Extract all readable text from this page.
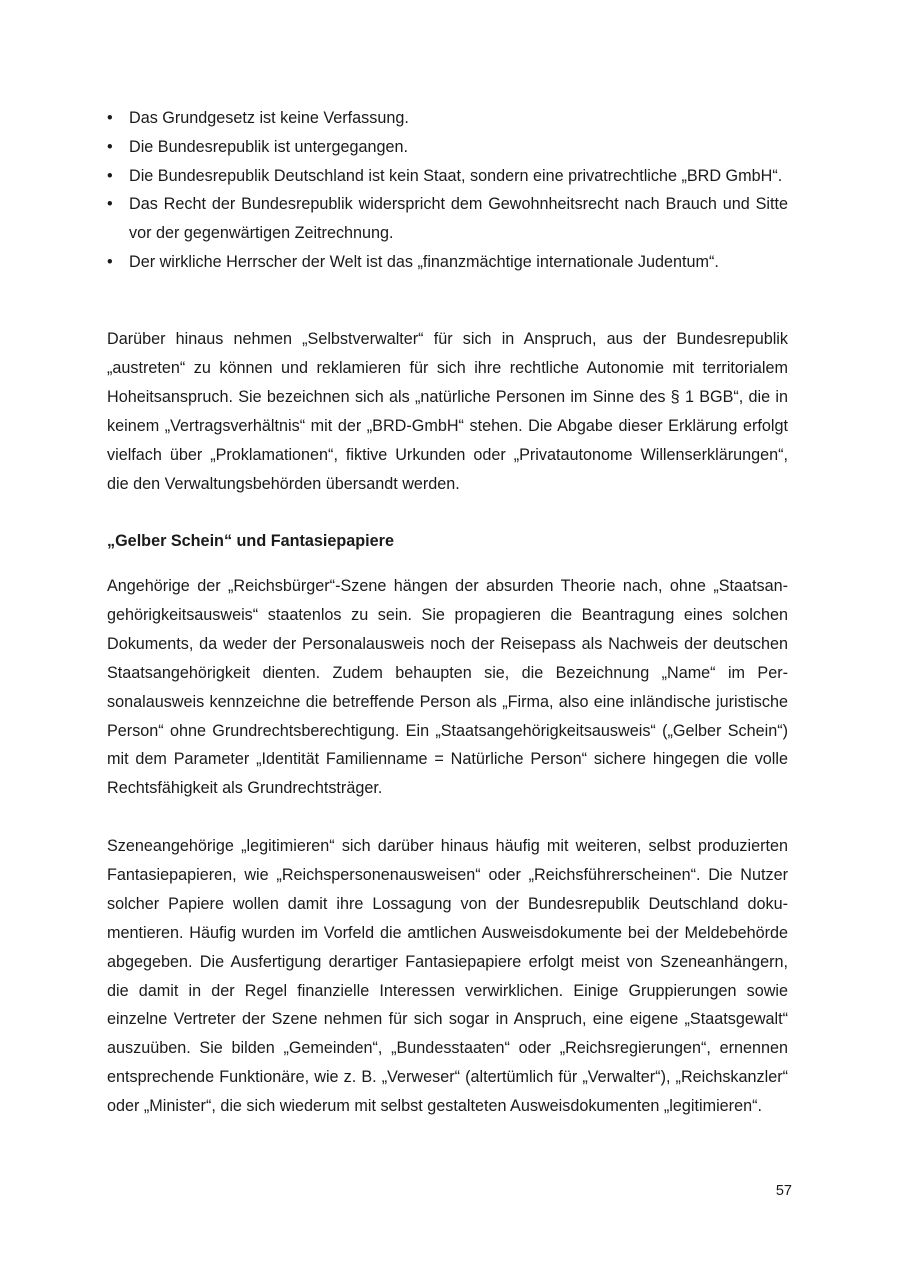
• Das Grundgesetz ist keine Verfassung.
• Die Bundesrepublik ist untergegangen.
• Die Bundesrepublik Deutschland ist kein Staat, sondern eine privatrechtliche „BRD GmbH“.
• Das Recht der Bundesrepublik widerspricht dem Gewohnheitsrecht nach Brauch und Sitte vor der gegenwärtigen Zeitrechnung.
• Der wirkliche Herrscher der Welt ist das „finanzmächtige internationale Judentum“.

Darüber hinaus nehmen „Selbstverwalter“ für sich in Anspruch, aus der Bundesrepublik „austreten“ zu können und reklamieren für sich ihre rechtliche Autonomie mit territorialem Hoheitsanspruch. Sie bezeichnen sich als „natürliche Personen im Sinne des § 1 BGB“, die in keinem „Vertragsverhältnis“ mit der „BRD-GmbH“ stehen. Die Abgabe dieser Erklärung erfolgt vielfach über „Proklamationen“, fiktive Urkunden oder „Privatautonome Willenserklärungen“, die den Verwaltungsbehörden übersandt werden.

„Gelber Schein“ und Fantasiepapiere

Angehörige der „Reichsbürger“-Szene hängen der absurden Theorie nach, ohne „Staatsangehörigkeitsausweis“ staatenlos zu sein. Sie propagieren die Beantragung eines solchen Dokuments, da weder der Personalausweis noch der Reisepass als Nachweis der deutschen Staatsangehörigkeit dienten. Zudem behaupten sie, die Bezeichnung „Name“ im Personalausweis kennzeichne die betreffende Person als „Firma, also eine inländische juristische Person“ ohne Grundrechtsberechtigung. Ein „Staatsangehörigkeitsausweis“ („Gelber Schein“) mit dem Parameter „Identität Familienname = Natürliche Person“ sichere hingegen die volle Rechtsfähigkeit als Grundrechtsträger.

Szeneangehörige „legitimieren“ sich darüber hinaus häufig mit weiteren, selbst produzierten Fantasiepapieren, wie „Reichspersonenausweisen“ oder „Reichsführerscheinen“. Die Nutzer solcher Papiere wollen damit ihre Lossagung von der Bundesrepublik Deutschland dokumentieren. Häufig wurden im Vorfeld die amtlichen Ausweisdokumente bei der Meldebehörde abgegeben. Die Ausfertigung derartiger Fantasiepapiere erfolgt meist von Szeneanhängern, die damit in der Regel finanzielle Interessen verwirklichen. Einige Gruppierungen sowie einzelne Vertreter der Szene nehmen für sich sogar in Anspruch, eine eigene „Staatsgewalt“ auszuüben. Sie bilden „Gemeinden“, „Bundesstaaten“ oder „Reichsregierungen“, ernennen entsprechende Funktionäre, wie z. B. „Verweser“ (altertümlich für „Verwalter“), „Reichskanzler“ oder „Minister“, die sich wiederum mit selbst gestalteten Ausweisdokumenten „legitimieren“.

57
